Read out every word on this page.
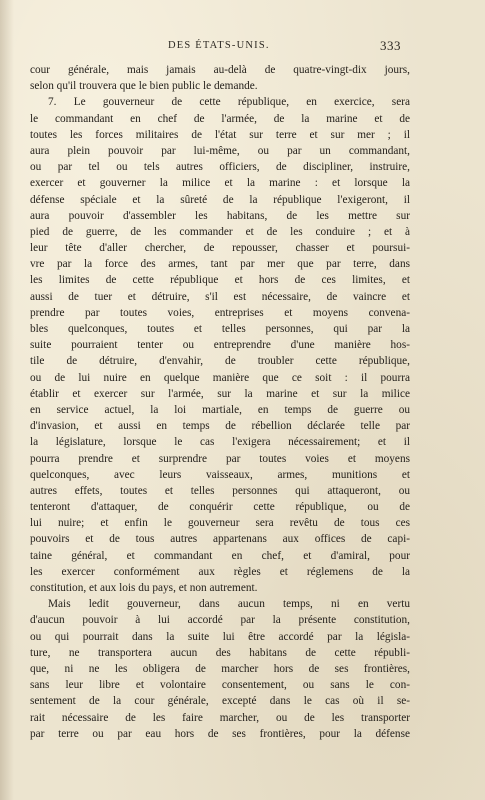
DES ÉTATS-UNIS.	333
cour générale, mais jamais au-delà de quatre-vingt-dix jours,
selon qu'il trouvera que le bien public le demande.
7. Le gouverneur de cette république, en exercice, sera
le commandant en chef de l'armée, de la marine et de
toutes les forces militaires de l'état sur terre et sur mer ; il
aura plein pouvoir par lui-même, ou par un commandant,
ou par tel ou tels autres officiers, de discipliner, instruire,
exercer et gouverner la milice et la marine : et lorsque la
défense spéciale et la sûreté de la république l'exigeront, il
aura pouvoir d'assembler les habitans, de les mettre sur
pied de guerre, de les commander et de les conduire ; et à
leur tête d'aller chercher, de repousser, chasser et poursui-
vre par la force des armes, tant par mer que par terre, dans
les limites de cette république et hors de ces limites, et
aussi de tuer et détruire, s'il est nécessaire, de vaincre et
prendre par toutes voies, entreprises et moyens convena-
bles quelconques, toutes et telles personnes, qui par la
suite pourraient tenter ou entreprendre d'une manière hos-
tile de détruire, d'envahir, de troubler cette république,
ou de lui nuire en quelque manière que ce soit : il pourra
établir et exercer sur l'armée, sur la marine et sur la milice
en service actuel, la loi martiale, en temps de guerre ou
d'invasion, et aussi en temps de rébellion déclarée telle par
la législature, lorsque le cas l'exigera nécessairement; et il
pourra prendre et surprendre par toutes voies et moyens
quelconques, avec leurs vaisseaux, armes, munitions et
autres effets, toutes et telles personnes qui attaqueront, ou
tenteront d'attaquer, de conquérir cette république, ou de
lui nuire; et enfin le gouverneur sera revêtu de tous ces
pouvoirs et de tous autres appartenans aux offices de capi-
taine général, et commandant en chef, et d'amiral, pour
les exercer conformément aux règles et réglemens de la
constitution, et aux lois du pays, et non autrement.
Mais ledit gouverneur, dans aucun temps, ni en vertu
d'aucun pouvoir à lui accordé par la présente constitution,
ou qui pourrait dans la suite lui être accordé par la législa-
ture, ne transportera aucun des habitans de cette républi-
que, ni ne les obligera de marcher hors de ses frontières,
sans leur libre et volontaire consentement, ou sans le con-
sentement de la cour générale, excepté dans le cas où il se-
rait nécessaire de les faire marcher, ou de les transporter
par terre ou par eau hors de ses frontières, pour la défense
